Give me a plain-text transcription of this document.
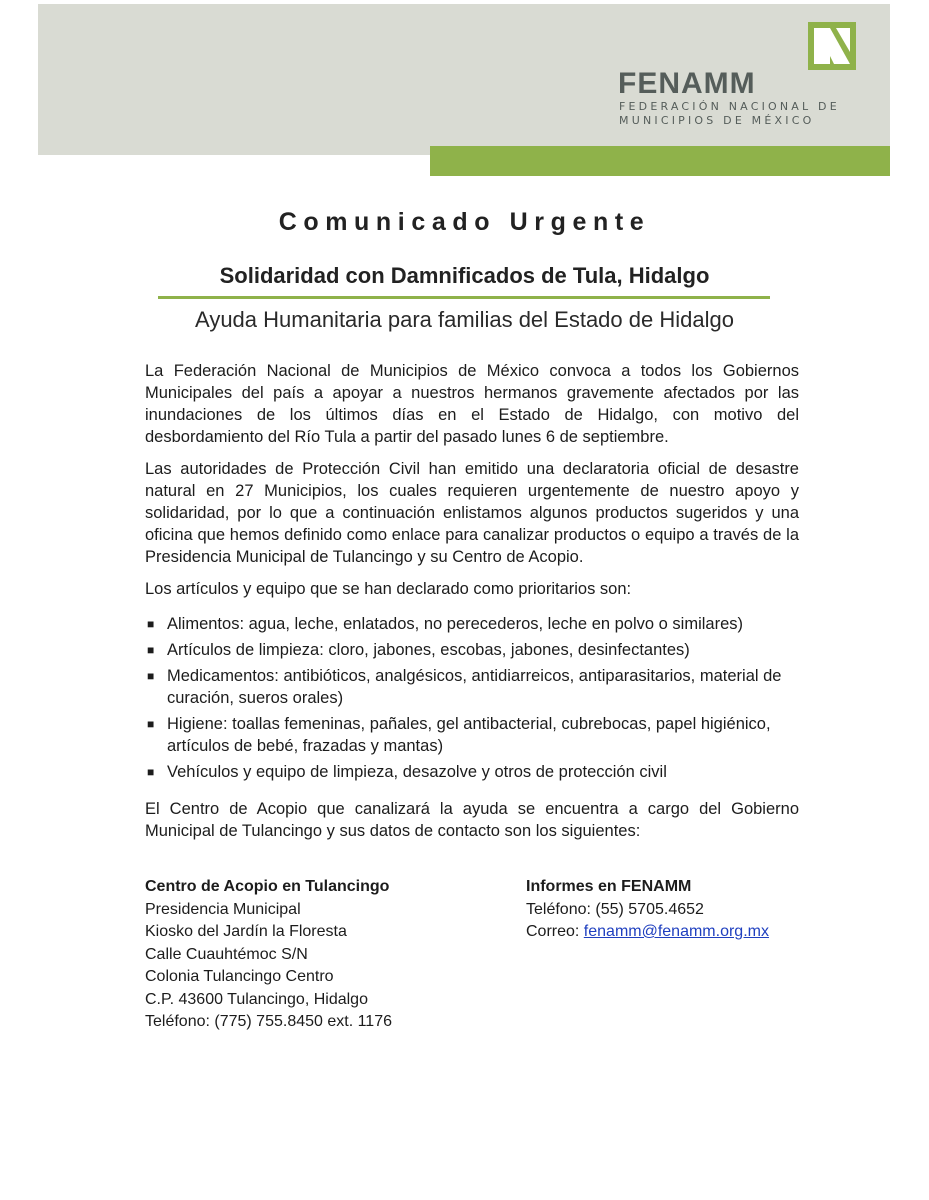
FENAMM
FEDERACIÓN NACIONAL DE
MUNICIPIOS DE MÉXICO
Comunicado Urgente
Solidaridad con Damnificados de Tula, Hidalgo
Ayuda Humanitaria para familias del Estado de Hidalgo
La Federación Nacional de Municipios de México convoca a todos los Gobiernos Municipales del país a apoyar a nuestros hermanos gravemente afectados por las inundaciones de los últimos días en el Estado de Hidalgo, con motivo del desbordamiento del Río Tula a partir del pasado lunes 6 de septiembre.
Las autoridades de Protección Civil han emitido una declaratoria oficial de desastre natural en 27 Municipios, los cuales requieren urgentemente de nuestro apoyo y solidaridad, por lo que a continuación enlistamos algunos productos sugeridos y una oficina que hemos definido como enlace para canalizar productos o equipo a través de la Presidencia Municipal de Tulancingo y su Centro de Acopio.
Los artículos y equipo que se han declarado como prioritarios son:
■ Alimentos: agua, leche, enlatados, no perecederos, leche en polvo o similares)
■ Artículos de limpieza: cloro, jabones, escobas, jabones, desinfectantes)
■ Medicamentos: antibióticos, analgésicos, antidiarreicos, antiparasitarios, material de curación, sueros orales)
■ Higiene: toallas femeninas, pañales, gel antibacterial, cubrebocas, papel higiénico, artículos de bebé, frazadas y mantas)
■ Vehículos y equipo de limpieza, desazolve y otros de protección civil
El Centro de Acopio que canalizará la ayuda se encuentra a cargo del Gobierno Municipal de Tulancingo y sus datos de contacto son los siguientes:
Centro de Acopio en Tulancingo
Presidencia Municipal
Kiosko del Jardín la Floresta
Calle Cuauhtémoc S/N
Colonia Tulancingo Centro
C.P. 43600 Tulancingo, Hidalgo
Teléfono: (775) 755.8450 ext. 1176
Informes en FENAMM
Teléfono: (55) 5705.4652
Correo: fenamm@fenamm.org.mx
